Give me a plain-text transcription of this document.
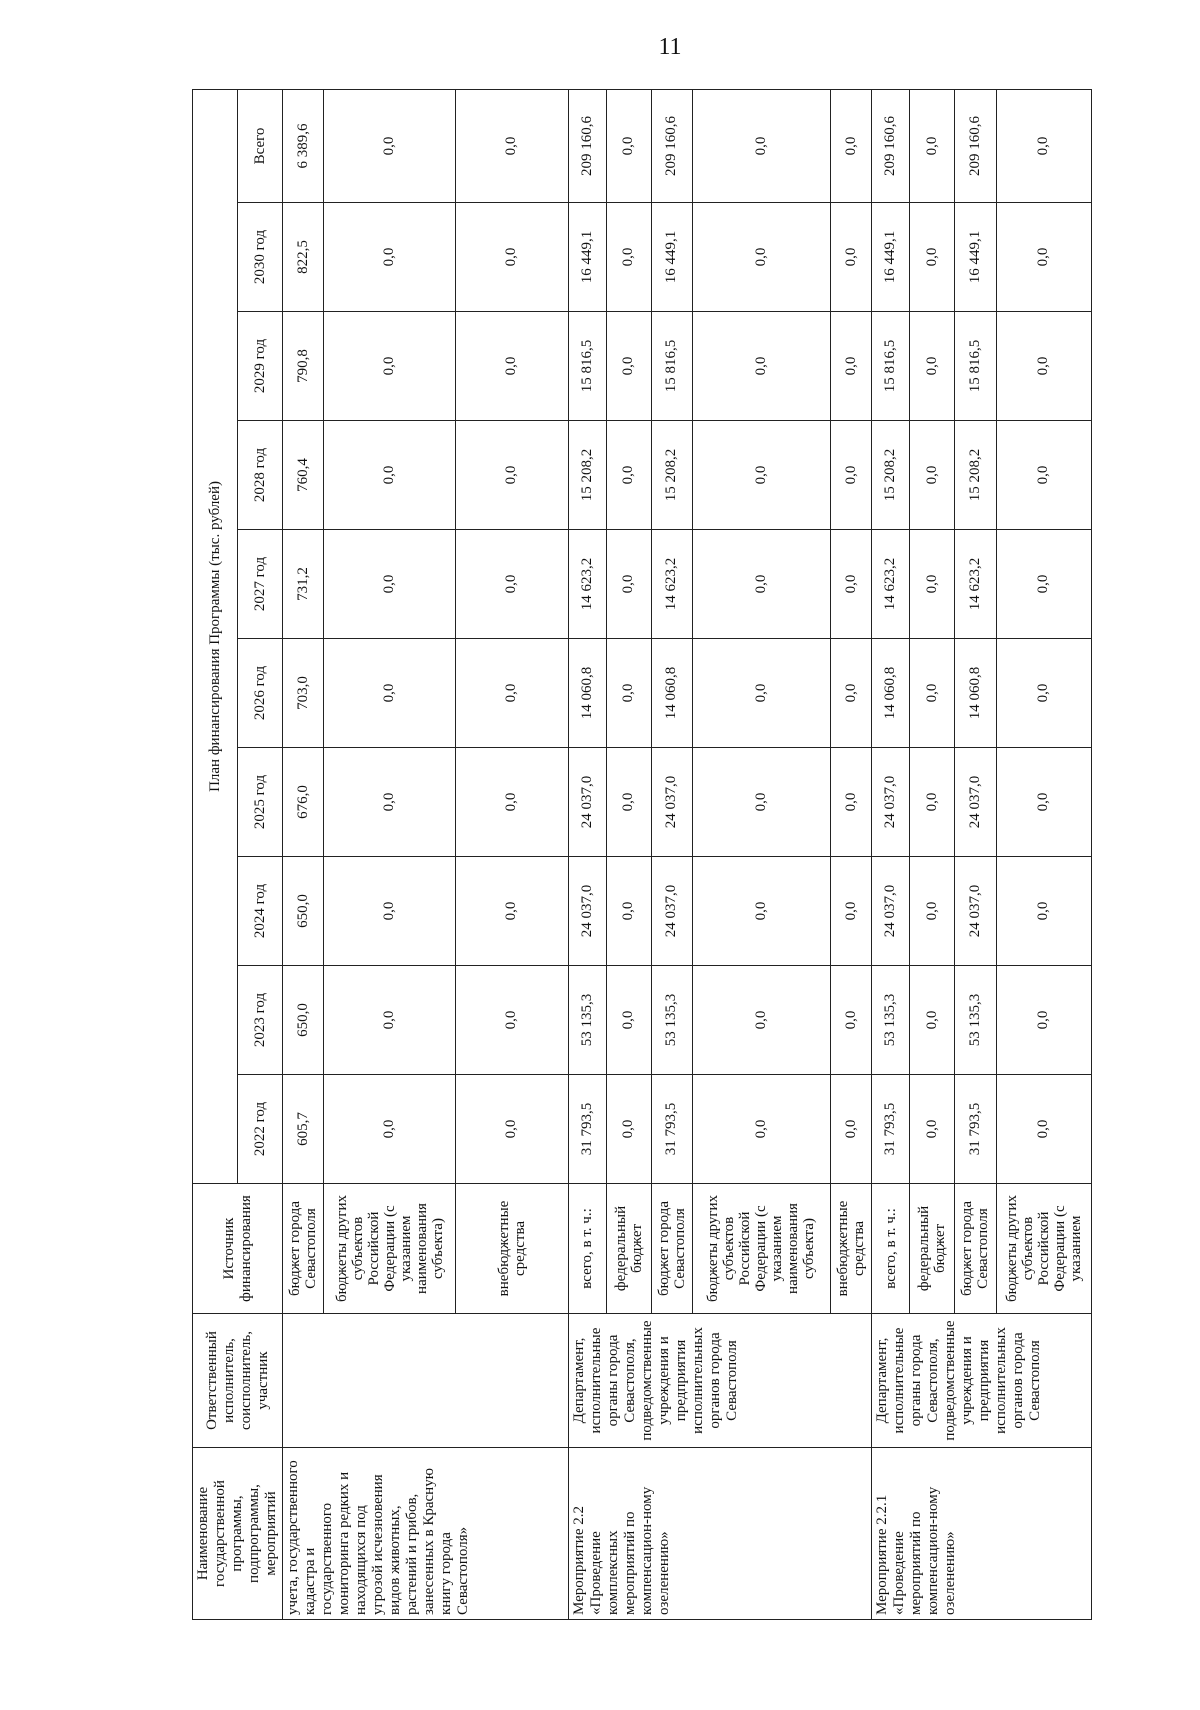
11
Наименование государственной программы, подпрограммы, мероприятий	Ответственный исполнитель, соисполнитель, участник	Источник финансирования	План финансирования Программы (тыс. рублей)									
			2022 год	2023 год	2024 год	2025 год	2026 год	2027 год	2028 год	2029 год	2030 год	Всего
учета, государственного кадастра и государственного мониторинга редких и находящихся под угрозой исчезновения видов животных, растений и грибов, занесенных в Красную книгу города Севастополя»		бюджет города Севастополя	605,7	650,0	650,0	676,0	703,0	731,2	760,4	790,8	822,5	6 389,6
		бюджеты других субъектов Российской Федерации (с указанием наименования субъекта)	0,0	0,0	0,0	0,0	0,0	0,0	0,0	0,0	0,0	0,0
		внебюджетные средства	0,0	0,0	0,0	0,0	0,0	0,0	0,0	0,0	0,0	0,0
Мероприятие 2.2 «Проведение комплексных мероприятий по компенсацион-ному озеленению»	Департамент, исполнительные органы города Севастополя, подведомственные учреждения и предприятия исполнительных органов города Севастополя	всего, в т. ч.:	31 793,5	53 135,3	24 037,0	24 037,0	14 060,8	14 623,2	15 208,2	15 816,5	16 449,1	209 160,6
		федеральный бюджет	0,0	0,0	0,0	0,0	0,0	0,0	0,0	0,0	0,0	0,0
		бюджет города Севастополя	31 793,5	53 135,3	24 037,0	24 037,0	14 060,8	14 623,2	15 208,2	15 816,5	16 449,1	209 160,6
		бюджеты других субъектов Российской Федерации (с указанием наименования субъекта)	0,0	0,0	0,0	0,0	0,0	0,0	0,0	0,0	0,0	0,0
		внебюджетные средства	0,0	0,0	0,0	0,0	0,0	0,0	0,0	0,0	0,0	0,0
Мероприятие 2.2.1 «Проведение мероприятий по компенсацион-ному озеленению»	Департамент, исполнительные органы города Севастополя, подведомственные учреждения и предприятия исполнительных органов города Севастополя	всего, в т. ч.:	31 793,5	53 135,3	24 037,0	24 037,0	14 060,8	14 623,2	15 208,2	15 816,5	16 449,1	209 160,6
		федеральный бюджет	0,0	0,0	0,0	0,0	0,0	0,0	0,0	0,0	0,0	0,0
		бюджет города Севастополя	31 793,5	53 135,3	24 037,0	24 037,0	14 060,8	14 623,2	15 208,2	15 816,5	16 449,1	209 160,6
		бюджеты других субъектов Российской Федерации (с указанием	0,0	0,0	0,0	0,0	0,0	0,0	0,0	0,0	0,0	0,0
